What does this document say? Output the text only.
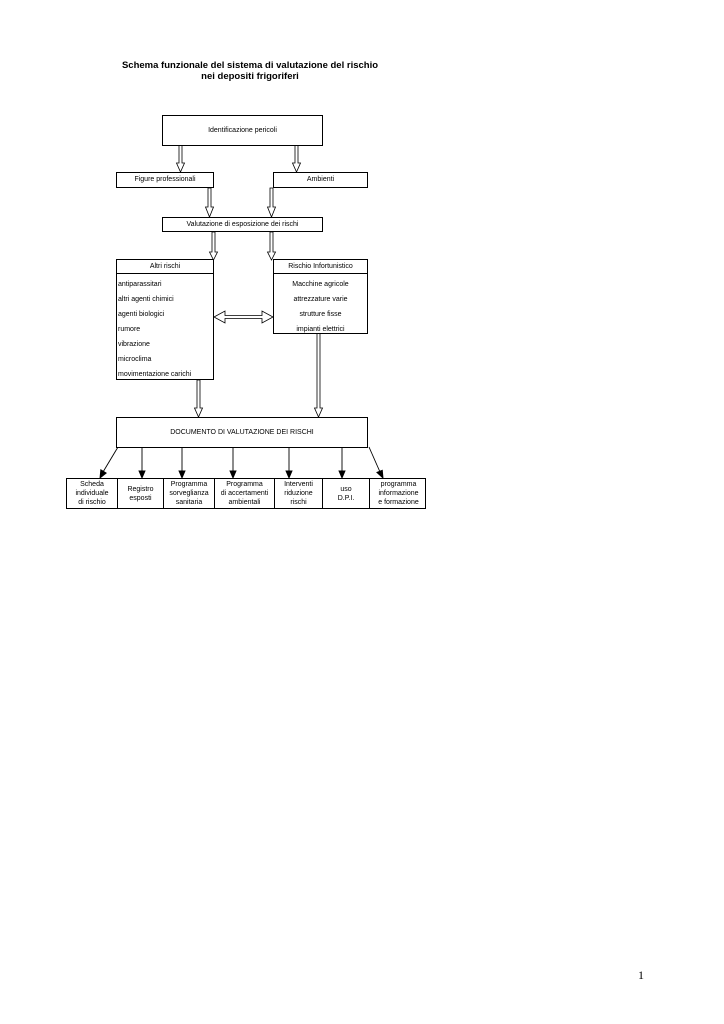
Schema funzionale del sistema di valutazione del rischio
nei depositi frigoriferi
Identificazione pericoli
Figure professionali	Ambienti
Valutazione di esposizione dei rischi
Altri rischi
antiparassitari
altri agenti chimici
agenti biologici
rumore
vibrazione
microclima
movimentazione carichi
Rischio Infortunistico
Macchine agricole
attrezzature varie
strutture fisse
impianti elettrici
DOCUMENTO DI VALUTAZIONE DEI RISCHI
Scheda
individuale
di rischio
Registro
esposti
Programma
sorveglianza
sanitaria
Programma
di accertamenti
ambientali
Interventi
riduzione
rischi
uso
D.P.I.
programma
informazione
e formazione
1
